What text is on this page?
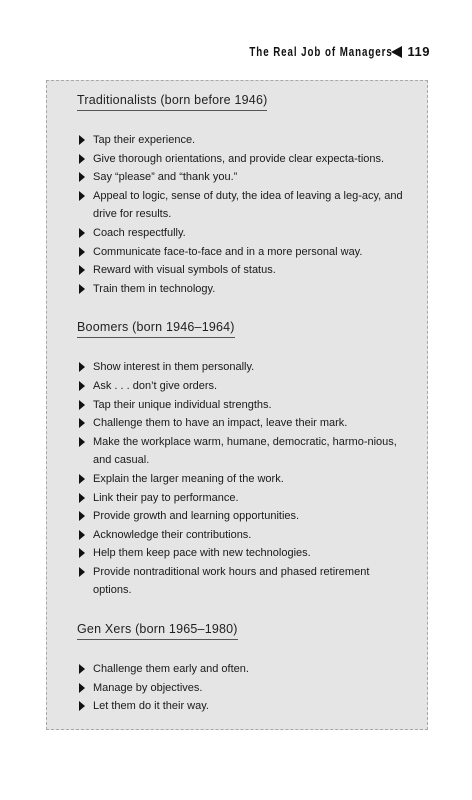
The Real Job of Managers 119
Traditionalists (born before 1946)
Tap their experience.
Give thorough orientations, and provide clear expecta-tions.
Say “please” and “thank you.”
Appeal to logic, sense of duty, the idea of leaving a leg-acy, and drive for results.
Coach respectfully.
Communicate face-to-face and in a more personal way.
Reward with visual symbols of status.
Train them in technology.
Boomers (born 1946–1964)
Show interest in them personally.
Ask . . . don’t give orders.
Tap their unique individual strengths.
Challenge them to have an impact, leave their mark.
Make the workplace warm, humane, democratic, harmo-nious, and casual.
Explain the larger meaning of the work.
Link their pay to performance.
Provide growth and learning opportunities.
Acknowledge their contributions.
Help them keep pace with new technologies.
Provide nontraditional work hours and phased retirement options.
Gen Xers (born 1965–1980)
Challenge them early and often.
Manage by objectives.
Let them do it their way.
